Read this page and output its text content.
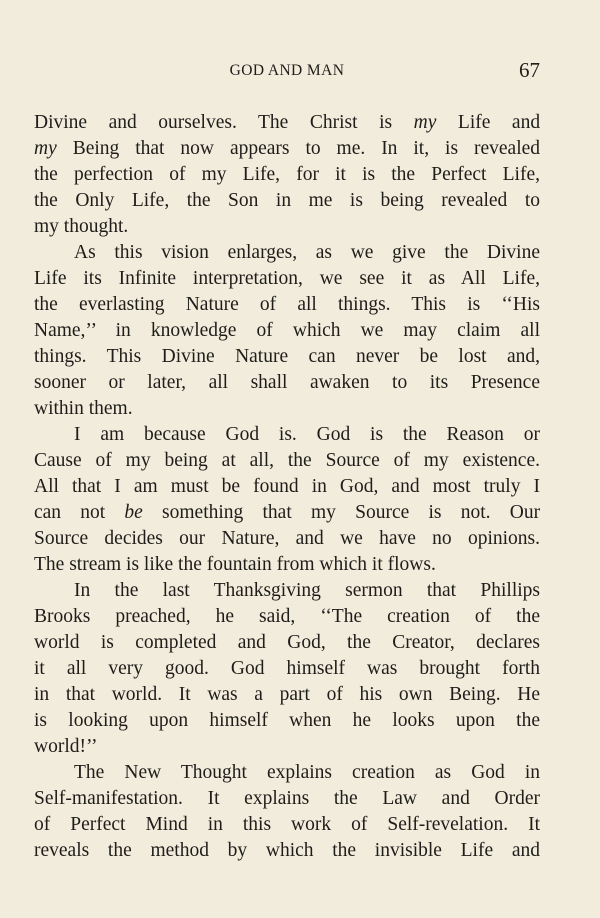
GOD AND MAN	67
Divine and ourselves. The Christ is my Life and
my Being that now appears to me. In it, is revealed
the perfection of my Life, for it is the Perfect Life,
the Only Life, the Son in me is being revealed to
my thought.
As this vision enlarges, as we give the Divine
Life its Infinite interpretation, we see it as All Life,
the everlasting Nature of all things. This is ‘‘His
Name,’’ in knowledge of which we may claim all
things. This Divine Nature can never be lost and,
sooner or later, all shall awaken to its Presence
within them.
I am because God is. God is the Reason or
Cause of my being at all, the Source of my existence.
All that I am must be found in God, and most truly I
can not be something that my Source is not. Our
Source decides our Nature, and we have no opinions.
The stream is like the fountain from which it flows.
In the last Thanksgiving sermon that Phillips
Brooks preached, he said, ‘‘The creation of the
world is completed and God, the Creator, declares
it all very good. God himself was brought forth
in that world. It was a part of his own Being. He
is looking upon himself when he looks upon the
world!’’
The New Thought explains creation as God in
Self-manifestation. It explains the Law and Order
of Perfect Mind in this work of Self-revelation. It
reveals the method by which the invisible Life and
